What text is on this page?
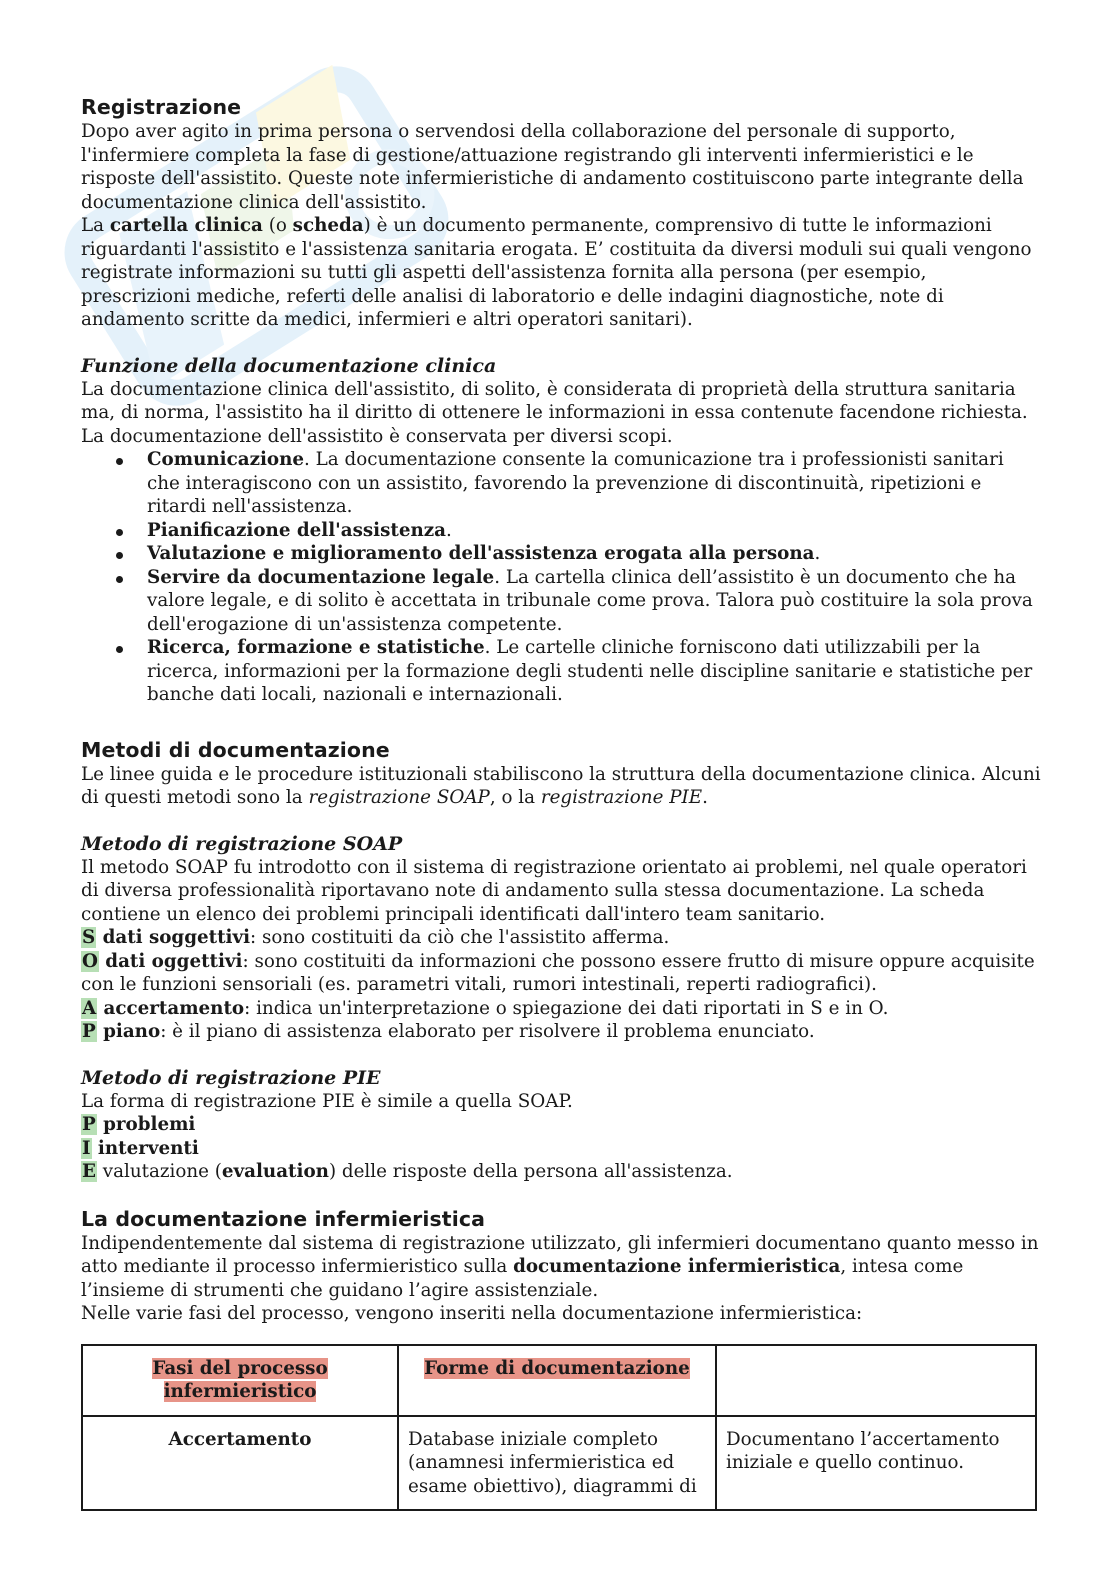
Registrazione

Dopo aver agito in prima persona o servendosi della collaborazione del personale di supporto, l'infermiere completa la fase di gestione/attuazione registrando gli interventi infermieristici e le risposte dell'assistito. Queste note infermieristiche di andamento costituiscono parte integrante della documentazione clinica dell'assistito.

La cartella clinica (o scheda) è un documento permanente, comprensivo di tutte le informazioni riguardanti l'assistito e l'assistenza sanitaria erogata. E’ costituita da diversi moduli sui quali vengono registrate informazioni su tutti gli aspetti dell'assistenza fornita alla persona (per esempio, prescrizioni mediche, referti delle analisi di laboratorio e delle indagini diagnostiche, note di andamento scritte da medici, infermieri e altri operatori sanitari).

Funzione della documentazione clinica

La documentazione clinica dell'assistito, di solito, è considerata di proprietà della struttura sanitaria ma, di norma, l'assistito ha il diritto di ottenere le informazioni in essa contenute facendone richiesta. La documentazione dell'assistito è conservata per diversi scopi.

Comunicazione. La documentazione consente la comunicazione tra i professionisti sanitari che interagiscono con un assistito, favorendo la prevenzione di discontinuità, ripetizioni e ritardi nell'assistenza.
Pianificazione dell'assistenza.
Valutazione e miglioramento dell'assistenza erogata alla persona.
Servire da documentazione legale. La cartella clinica dell’assistito è un documento che ha valore legale, e di solito è accettata in tribunale come prova. Talora può costituire la sola prova dell'erogazione di un'assistenza competente.
Ricerca, formazione e statistiche. Le cartelle cliniche forniscono dati utilizzabili per la ricerca, informazioni per la formazione degli studenti nelle discipline sanitarie e statistiche per banche dati locali, nazionali e internazionali.
Metodi di documentazione

Le linee guida e le procedure istituzionali stabiliscono la struttura della documentazione clinica. Alcuni di questi metodi sono la registrazione SOAP, o la registrazione PIE.

Metodo di registrazione SOAP

Il metodo SOAP fu introdotto con il sistema di registrazione orientato ai problemi, nel quale operatori di diversa professionalità riportavano note di andamento sulla stessa documentazione. La scheda contiene un elenco dei problemi principali identificati dall'intero team sanitario.

S dati soggettivi: sono costituiti da ciò che l'assistito afferma.
O dati oggettivi: sono costituiti da informazioni che possono essere frutto di misure oppure acquisite con le funzioni sensoriali (es. parametri vitali, rumori intestinali, reperti radiografici).
A accertamento: indica un'interpretazione o spiegazione dei dati riportati in S e in O.
P piano: è il piano di assistenza elaborato per risolvere il problema enunciato.
Metodo di registrazione PIE

La forma di registrazione PIE è simile a quella SOAP.

P problemi
I interventi
E valutazione (evaluation) delle risposte della persona all'assistenza.
La documentazione infermieristica

Indipendentemente dal sistema di registrazione utilizzato, gli infermieri documentano quanto messo in atto mediante il processo infermieristico sulla documentazione infermieristica, intesa come l’insieme di strumenti che guidano l’agire assistenziale.

Nelle varie fasi del processo, vengono inseriti nella documentazione infermieristica:

Fasi del processo
infermieristico	Forme di documentazione	
Accertamento	Database iniziale completo (anamnesi infermieristica ed esame obiettivo), diagrammi di	Documentano l’accertamento iniziale e quello continuo.
